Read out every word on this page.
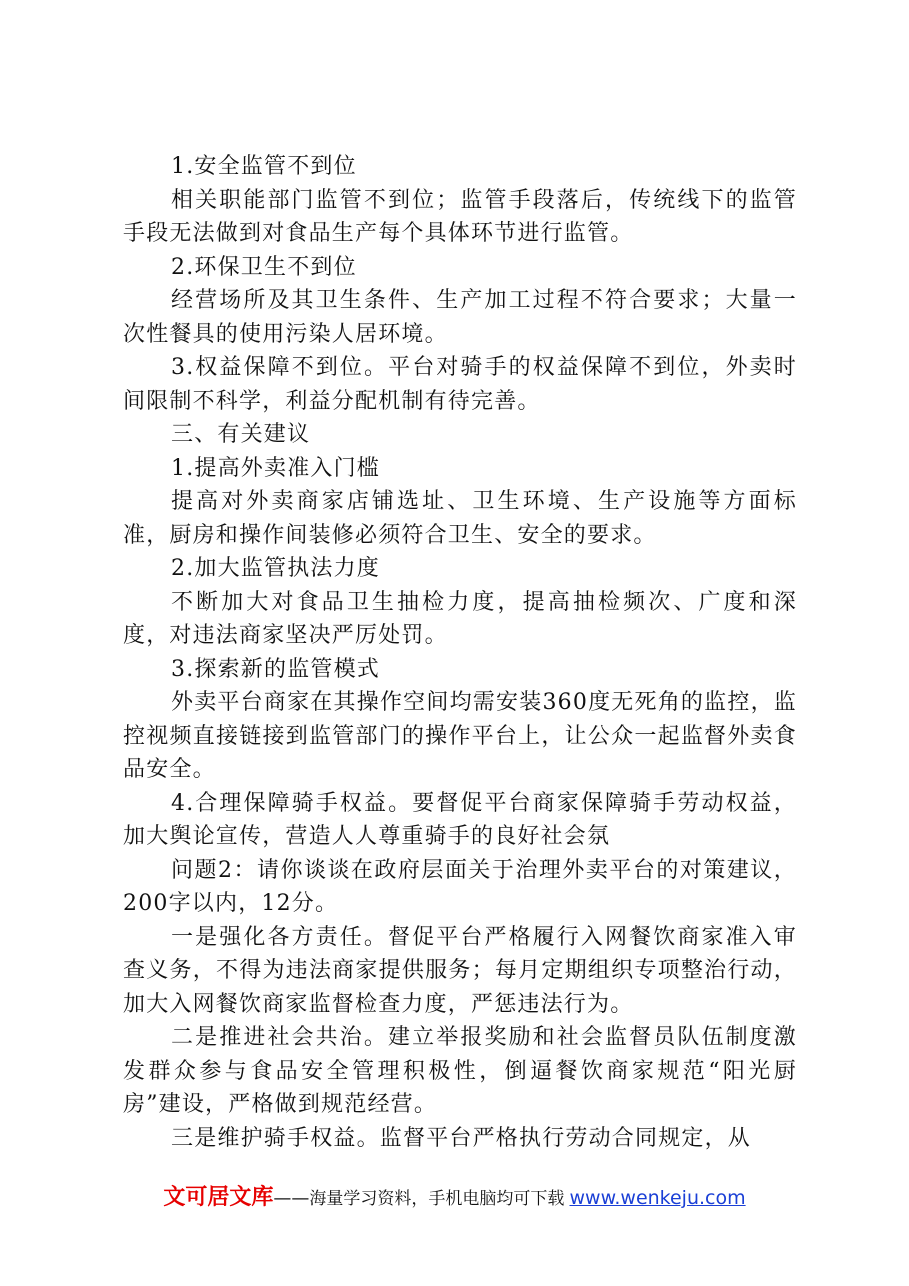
1.安全监管不到位

相关职能部门监管不到位；监管手段落后，传统线下的监管手段无法做到对食品生产每个具体环节进行监管。

2.环保卫生不到位

经营场所及其卫生条件、生产加工过程不符合要求；大量一次性餐具的使用污染人居环境。

3.权益保障不到位。平台对骑手的权益保障不到位，外卖时间限制不科学，利益分配机制有待完善。

三、有关建议

1.提高外卖准入门槛

提高对外卖商家店铺选址、卫生环境、生产设施等方面标准，厨房和操作间装修必须符合卫生、安全的要求。

2.加大监管执法力度

不断加大对食品卫生抽检力度，提高抽检频次、广度和深度，对违法商家坚决严厉处罚。

3.探索新的监管模式

外卖平台商家在其操作空间均需安装360度无死角的监控，监控视频直接链接到监管部门的操作平台上，让公众一起监督外卖食品安全。

4.合理保障骑手权益。要督促平台商家保障骑手劳动权益，加大舆论宣传，营造人人尊重骑手的良好社会氛

问题2：请你谈谈在政府层面关于治理外卖平台的对策建议，200字以内，12分。

一是强化各方责任。督促平台严格履行入网餐饮商家准入审查义务，不得为违法商家提供服务；每月定期组织专项整治行动，加大入网餐饮商家监督检查力度，严惩违法行为。

二是推进社会共治。建立举报奖励和社会监督员队伍制度激发群众参与食品安全管理积极性，倒逼餐饮商家规范“阳光厨房”建设，严格做到规范经营。

三是维护骑手权益。监督平台严格执行劳动合同规定，从

文可居文库——海量学习资料，手机电脑均可下载 www.wenkeju.com
